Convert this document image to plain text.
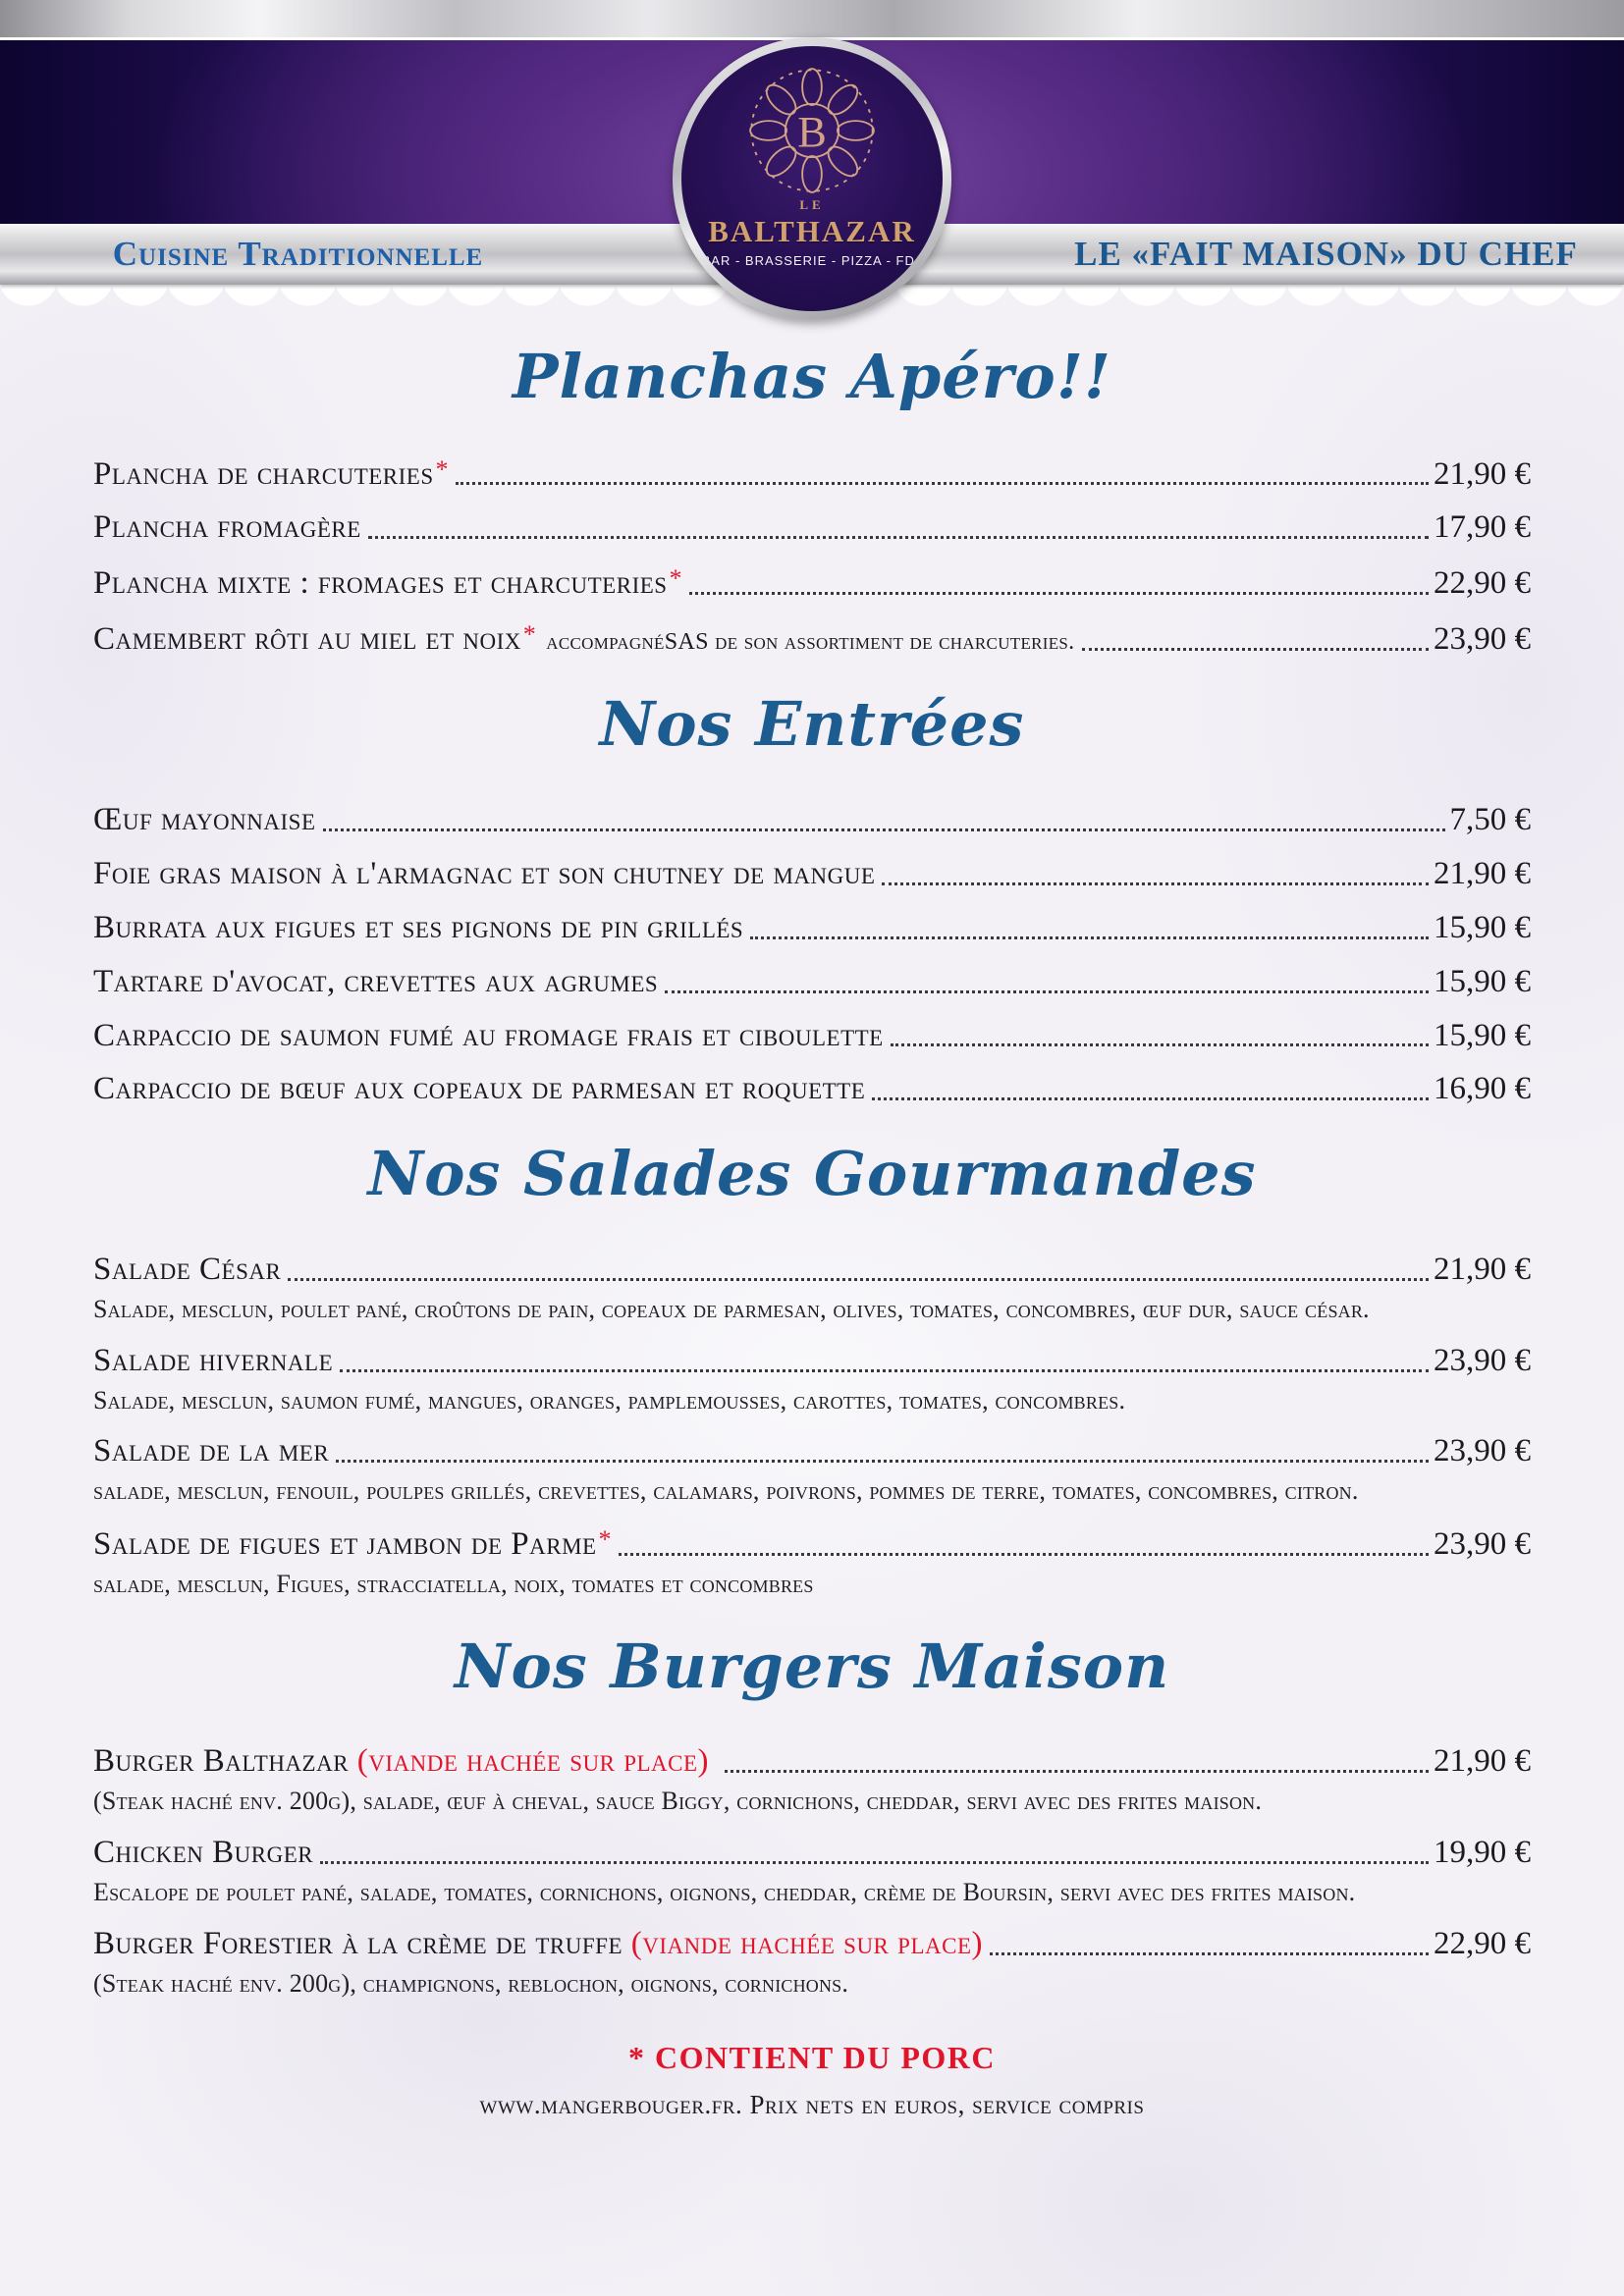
Cuisine Traditionnelle	LE «FAIT MAISON» DU CHEF
B
LE
BALTHAZAR
BAR - BRASSERIE - PIZZA - FDJ
Planchas Apéro!!
Plancha de charcuteries*	21,90 €
Plancha fromagère	17,90 €
Plancha mixte : fromages et charcuteries*	22,90 €
Camembert rôti au miel et noix* accompagnéSAS de son assortiment de charcuteries.	23,90 €
Nos Entrées
Œuf mayonnaise	7,50 €
Foie gras maison à l'armagnac et son chutney de mangue	21,90 €
Burrata aux figues et ses pignons de pin grillés	15,90 €
Tartare d'avocat, crevettes aux agrumes	15,90 €
Carpaccio de saumon fumé au fromage frais et ciboulette	15,90 €
Carpaccio de bœuf aux copeaux de parmesan et roquette	16,90 €
Nos Salades Gourmandes
Salade César	21,90 €

Salade, mesclun, poulet pané, croûtons de pain, copeaux de parmesan, olives, tomates, concombres, œuf dur, sauce césar.

Salade hivernale	23,90 €

Salade, mesclun, saumon fumé, mangues, oranges, pamplemousses, carottes, tomates, concombres.

Salade de la mer	23,90 €

salade, mesclun, fenouil, poulpes grillés, crevettes, calamars, poivrons, pommes de terre, tomates, concombres, citron.

Salade de figues et jambon de Parme*	23,90 €

salade, mesclun, Figues, stracciatella, noix, tomates et concombres

Nos Burgers Maison
Burger Balthazar (viande hachée sur place)	21,90 €

(Steak haché env. 200g), salade, œuf à cheval, sauce Biggy, cornichons, cheddar, servi avec des frites maison.

Chicken Burger	19,90 €

Escalope de poulet pané, salade, tomates, cornichons, oignons, cheddar, crème de Boursin, servi avec des frites maison.

Burger Forestier à la crème de truffe (viande hachée sur place)	22,90 €

(Steak haché env. 200g), champignons, reblochon, oignons, cornichons.

* CONTIENT DU PORC
www.mangerbouger.fr. Prix nets en euros, service compris
